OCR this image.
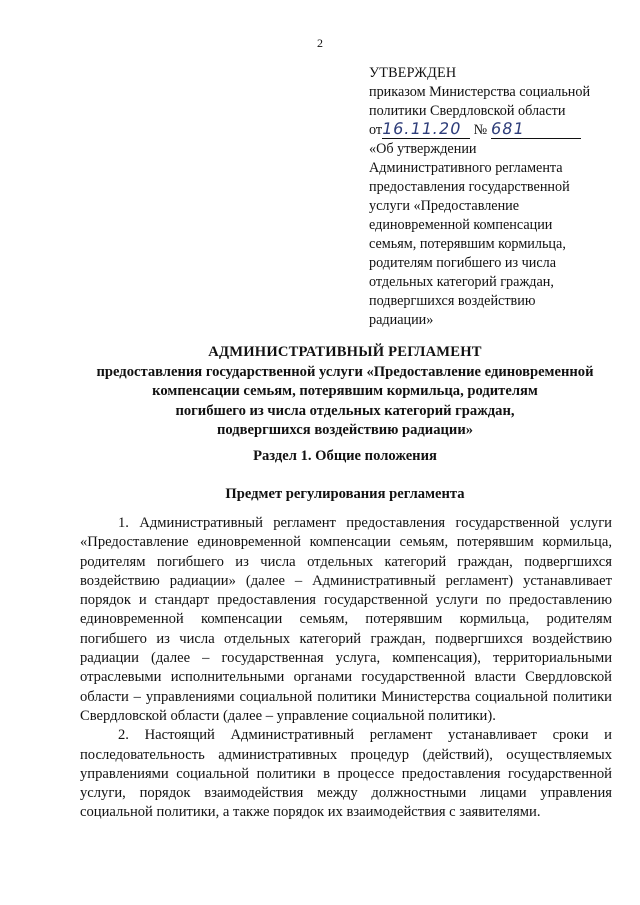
2
УТВЕРЖДЕН
приказом Министерства социальной
политики Свердловской области
от16.11.20 № 681
«Об утверждении
Административного регламента
предоставления государственной
услуги «Предоставление
единовременной компенсации
семьям, потерявшим кормильца,
родителям погибшего из числа
отдельных категорий граждан,
подвергшихся воздействию
радиации»
АДМИНИСТРАТИВНЫЙ РЕГЛАМЕНТ
предоставления государственной услуги «Предоставление единовременной
компенсации семьям, потерявшим кормильца, родителям
погибшего из числа отдельных категорий граждан,
подвергшихся воздействию радиации»
Раздел 1. Общие положения
Предмет регулирования регламента

1. Административный регламент предоставления государственной услуги «Предоставление единовременной компенсации семьям, потерявшим кормильца, родителям погибшего из числа отдельных категорий граждан, подвергшихся воздействию радиации» (далее – Административный регламент) устанавливает порядок и стандарт предоставления государственной услуги по предоставлению единовременной компенсации семьям, потерявшим кормильца, родителям погибшего из числа отдельных категорий граждан, подвергшихся воздействию радиации (далее – государственная услуга, компенсация), территориальными отраслевыми исполнительными органами государственной власти Свердловской области – управлениями социальной политики Министерства социальной политики Свердловской области (далее – управление социальной политики).

2. Настоящий Административный регламент устанавливает сроки и последовательность административных процедур (действий), осуществляемых управлениями социальной политики в процессе предоставления государственной услуги, порядок взаимодействия между должностными лицами управления социальной политики, а также порядок их взаимодействия с заявителями.
